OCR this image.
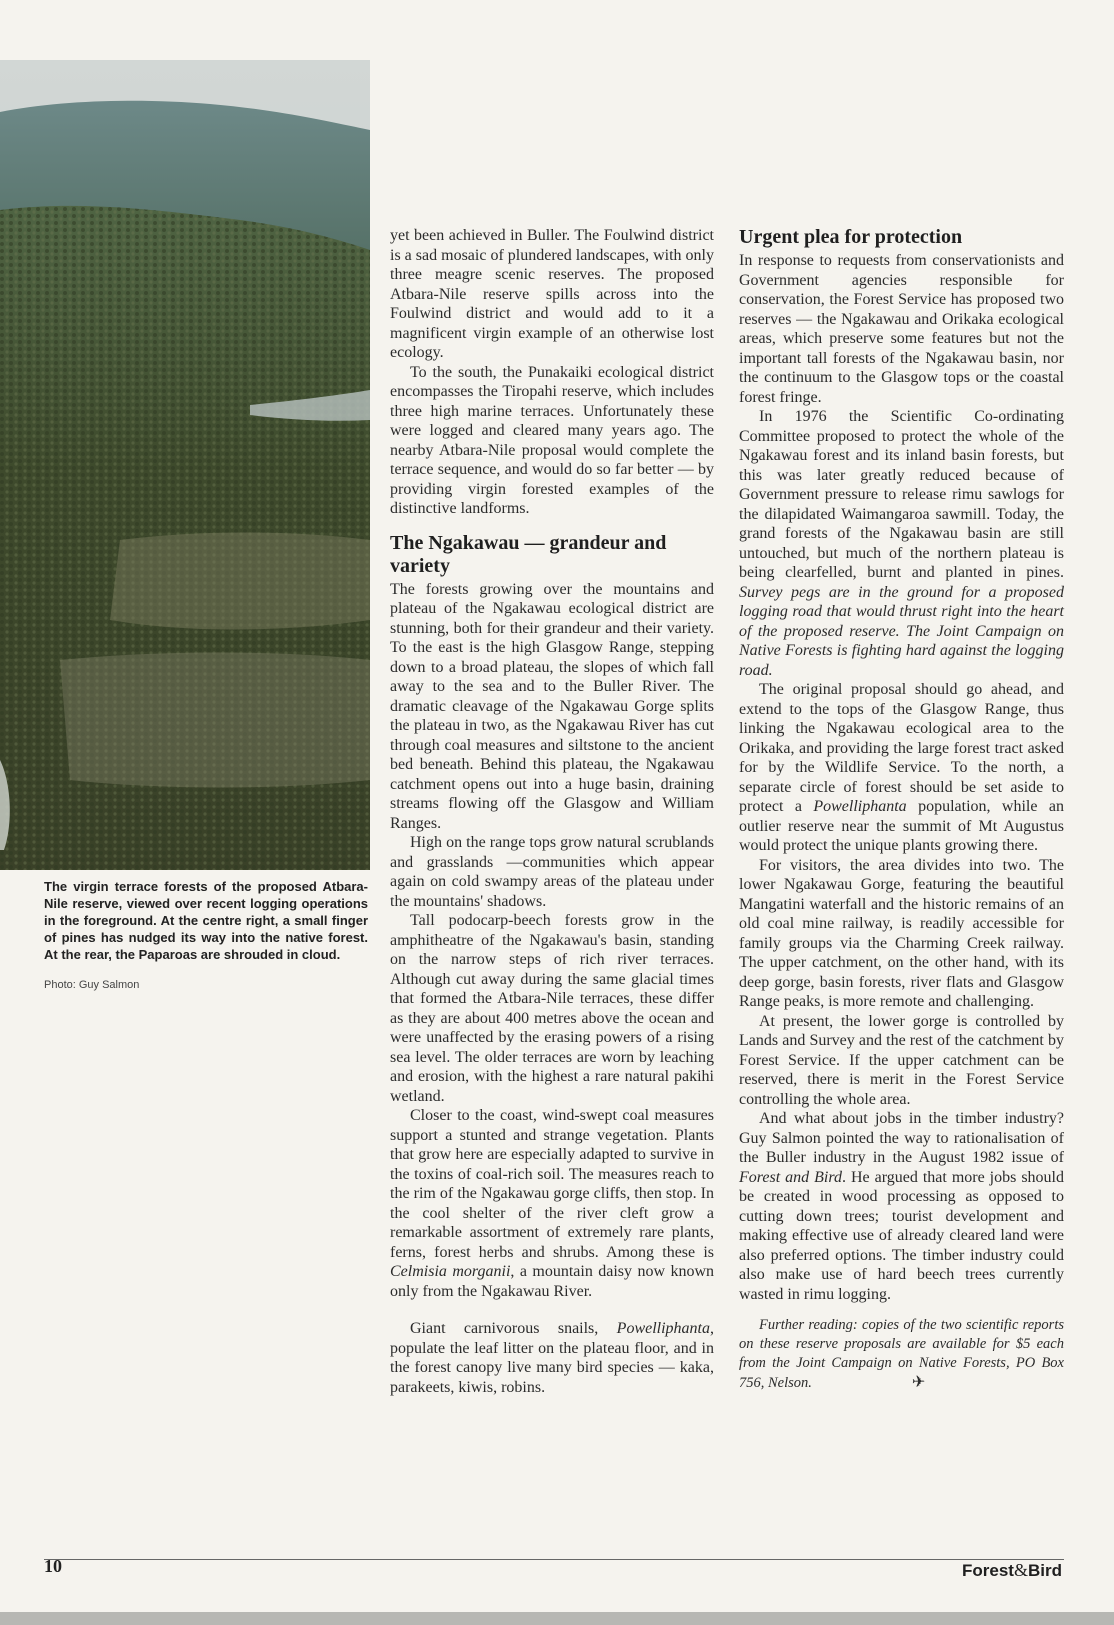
The virgin terrace forests of the proposed Atbara-Nile reserve, viewed over recent logging operations in the foreground. At the centre right, a small finger of pines has nudged its way into the native forest. At the rear, the Paparoas are shrouded in cloud.

Photo: Guy Salmon

yet been achieved in Buller. The Foulwind district is a sad mosaic of plundered landscapes, with only three meagre scenic reserves. The proposed Atbara-Nile reserve spills across into the Foulwind district and would add to it a magnificent virgin example of an otherwise lost ecology.

To the south, the Punakaiki ecological district encompasses the Tiropahi reserve, which includes three high marine terraces. Unfortunately these were logged and cleared many years ago. The nearby Atbara-Nile proposal would complete the terrace sequence, and would do so far better — by providing virgin forested examples of the distinctive landforms.

The Ngakawau — grandeur and variety

The forests growing over the mountains and plateau of the Ngakawau ecological district are stunning, both for their grandeur and their variety. To the east is the high Glasgow Range, stepping down to a broad plateau, the slopes of which fall away to the sea and to the Buller River. The dramatic cleavage of the Ngakawau Gorge splits the plateau in two, as the Ngakawau River has cut through coal measures and siltstone to the ancient bed beneath. Behind this plateau, the Ngakawau catchment opens out into a huge basin, draining streams flowing off the Glasgow and William Ranges.

High on the range tops grow natural scrublands and grasslands —communities which appear again on cold swampy areas of the plateau under the mountains' shadows.

Tall podocarp-beech forests grow in the amphitheatre of the Ngakawau's basin, standing on the narrow steps of rich river terraces. Although cut away during the same glacial times that formed the Atbara-Nile terraces, these differ as they are about 400 metres above the ocean and were unaffected by the erasing powers of a rising sea level. The older terraces are worn by leaching and erosion, with the highest a rare natural pakihi wetland.

Closer to the coast, wind-swept coal measures support a stunted and strange vegetation. Plants that grow here are especially adapted to survive in the toxins of coal-rich soil. The measures reach to the rim of the Ngakawau gorge cliffs, then stop. In the cool shelter of the river cleft grow a remarkable assortment of extremely rare plants, ferns, forest herbs and shrubs. Among these is Celmisia morganii, a mountain daisy now known only from the Ngakawau River.

Giant carnivorous snails, Powelliphanta, populate the leaf litter on the plateau floor, and in the forest canopy live many bird species — kaka, parakeets, kiwis, robins.

Urgent plea for protection

In response to requests from conservationists and Government agencies responsible for conservation, the Forest Service has proposed two reserves — the Ngakawau and Orikaka ecological areas, which preserve some features but not the important tall forests of the Ngakawau basin, nor the continuum to the Glasgow tops or the coastal forest fringe.

In 1976 the Scientific Co-ordinating Committee proposed to protect the whole of the Ngakawau forest and its inland basin forests, but this was later greatly reduced because of Government pressure to release rimu sawlogs for the dilapidated Waimangaroa sawmill. Today, the grand forests of the Ngakawau basin are still untouched, but much of the northern plateau is being clearfelled, burnt and planted in pines. Survey pegs are in the ground for a proposed logging road that would thrust right into the heart of the proposed reserve. The Joint Campaign on Native Forests is fighting hard against the logging road.

The original proposal should go ahead, and extend to the tops of the Glasgow Range, thus linking the Ngakawau ecological area to the Orikaka, and providing the large forest tract asked for by the Wildlife Service. To the north, a separate circle of forest should be set aside to protect a Powelliphanta population, while an outlier reserve near the summit of Mt Augustus would protect the unique plants growing there.

For visitors, the area divides into two. The lower Ngakawau Gorge, featuring the beautiful Mangatini waterfall and the historic remains of an old coal mine railway, is readily accessible for family groups via the Charming Creek railway. The upper catchment, on the other hand, with its deep gorge, basin forests, river flats and Glasgow Range peaks, is more remote and challenging.

At present, the lower gorge is controlled by Lands and Survey and the rest of the catchment by Forest Service. If the upper catchment can be reserved, there is merit in the Forest Service controlling the whole area.

And what about jobs in the timber industry? Guy Salmon pointed the way to rationalisation of the Buller industry in the August 1982 issue of Forest and Bird. He argued that more jobs should be created in wood processing as opposed to cutting down trees; tourist development and making effective use of already cleared land were also preferred options. The timber industry could also make use of hard beech trees currently wasted in rimu logging.

Further reading: copies of the two scientific reports on these reserve proposals are available for $5 each from the Joint Campaign on Native Forests, PO Box 756, Nelson.	✈

10	Forest&Bird
